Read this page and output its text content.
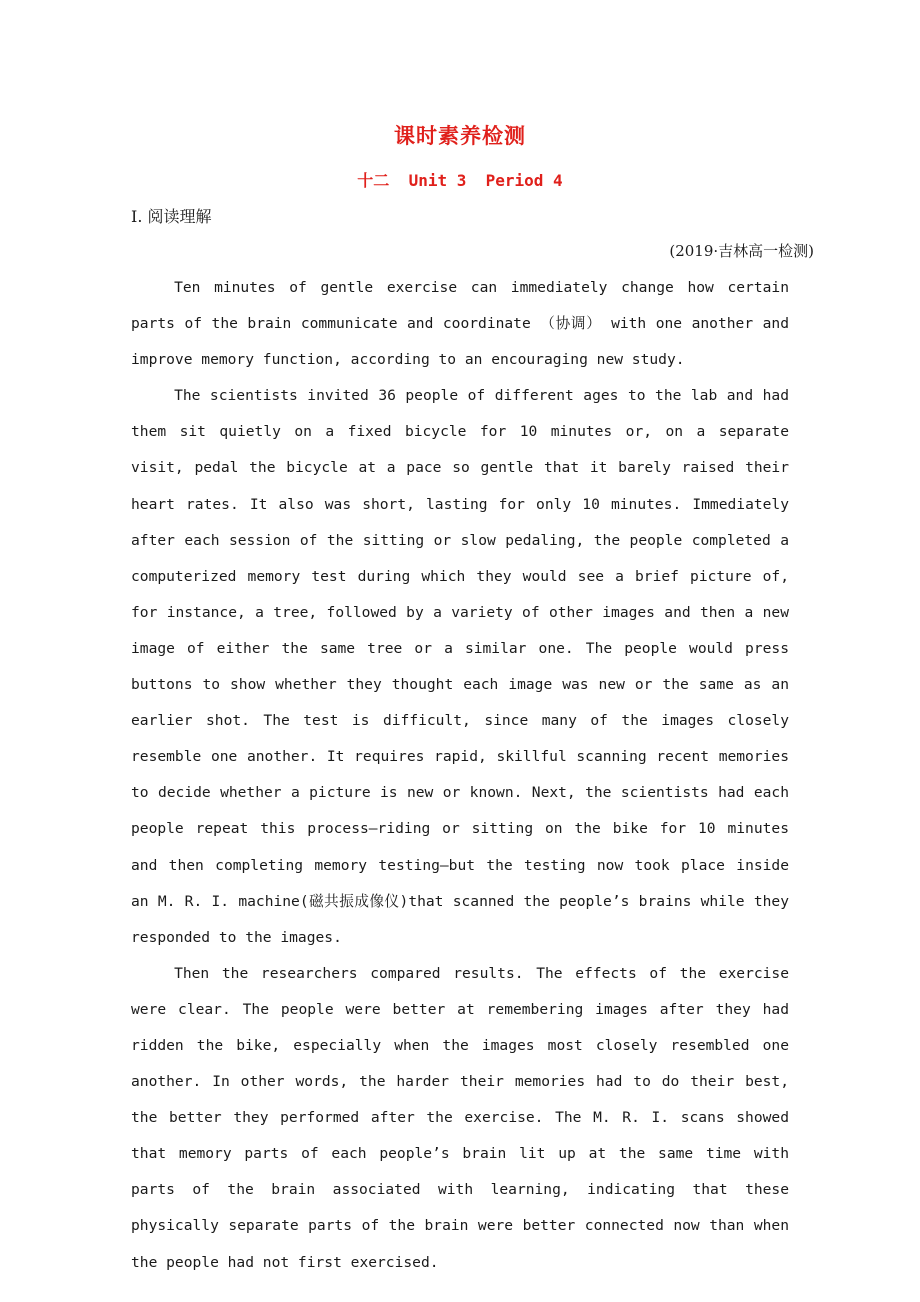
课时素养检测
十二  Unit 3  Period 4
Ⅰ. 阅读理解
(2019·吉林高一检测)

Ten minutes of gentle exercise can immediately change how certain parts of the brain communicate and coordinate （协调） with one another and improve memory function, according to an encouraging new study.

The scientists invited 36 people of different ages to the lab and had them sit quietly on a fixed bicycle for 10 minutes or, on a separate visit, pedal the bicycle at a pace so gentle that it barely raised their heart rates. It also was short, lasting for only 10 minutes. Immediately after each session of the sitting or slow pedaling, the people completed a computerized memory test during which they would see a brief picture of, for instance, a tree, followed by a variety of other images and then a new image of either the same tree or a similar one. The people would press buttons to show whether they thought each image was new or the same as an earlier shot. The test is difficult, since many of the images closely resemble one another. It requires rapid, skillful scanning recent memories to decide whether a picture is new or known. Next, the scientists had each people repeat this process—riding or sitting on the bike for 10 minutes and then completing memory testing—but the testing now took place inside an M. R. I. machine(磁共振成像仪)that scanned the people’s brains while they responded to the images.

Then the researchers compared results. The effects of the exercise were clear. The people were better at remembering images after they had ridden the bike, especially when the images most closely resembled one another. In other words, the harder their memories had to do their best, the better they performed after the exercise. The M. R. I. scans showed that memory parts of each people’s brain lit up at the same time with parts of the brain associated with learning, indicating that these physically separate parts of the brain were better connected now than when the people had not first exercised.
